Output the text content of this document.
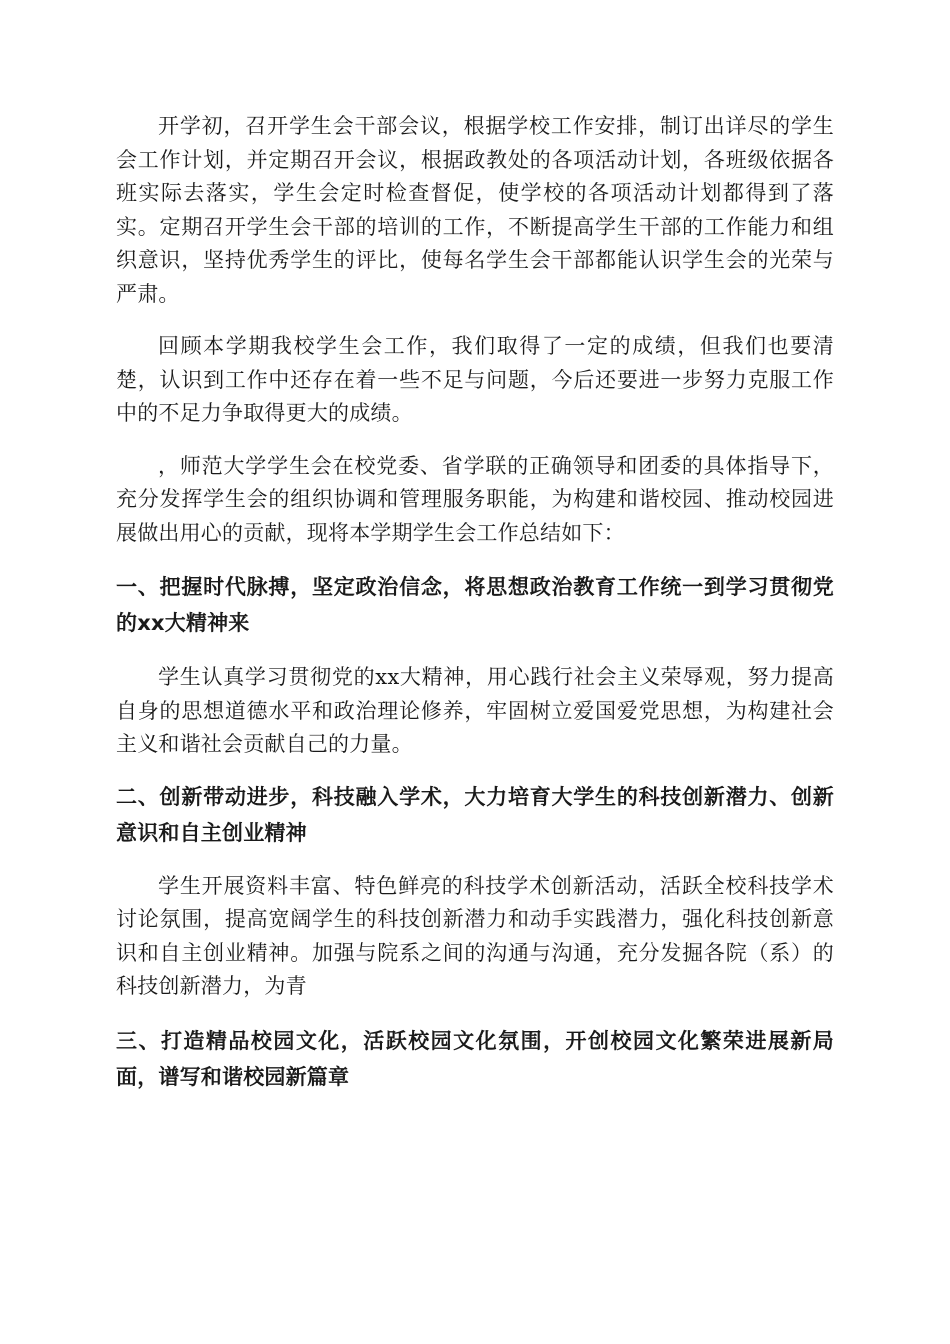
开学初，召开学生会干部会议，根据学校工作安排，制订出详尽的学生会工作计划，并定期召开会议，根据政教处的各项活动计划，各班级依据各班实际去落实，学生会定时检查督促，使学校的各项活动计划都得到了落实。定期召开学生会干部的培训的工作，不断提高学生干部的工作能力和组织意识，坚持优秀学生的评比，使每名学生会干部都能认识学生会的光荣与严肃。

回顾本学期我校学生会工作，我们取得了一定的成绩，但我们也要清楚，认识到工作中还存在着一些不足与问题，今后还要进一步努力克服工作中的不足力争取得更大的成绩。

，师范大学学生会在校党委、省学联的正确领导和团委的具体指导下，充分发挥学生会的组织协调和管理服务职能，为构建和谐校园、推动校园进展做出用心的贡献，现将本学期学生会工作总结如下：

一、把握时代脉搏，坚定政治信念，将思想政治教育工作统一到学习贯彻党的xx大精神来

学生认真学习贯彻党的xx大精神，用心践行社会主义荣辱观，努力提高自身的思想道德水平和政治理论修养，牢固树立爱国爱党思想，为构建社会主义和谐社会贡献自己的力量。

二、创新带动进步，科技融入学术，大力培育大学生的科技创新潜力、创新意识和自主创业精神

学生开展资料丰富、特色鲜亮的科技学术创新活动，活跃全校科技学术讨论氛围，提高宽阔学生的科技创新潜力和动手实践潜力，强化科技创新意识和自主创业精神。加强与院系之间的沟通与沟通，充分发掘各院（系）的科技创新潜力，为青

三、打造精品校园文化，活跃校园文化氛围，开创校园文化繁荣进展新局面，谱写和谐校园新篇章
